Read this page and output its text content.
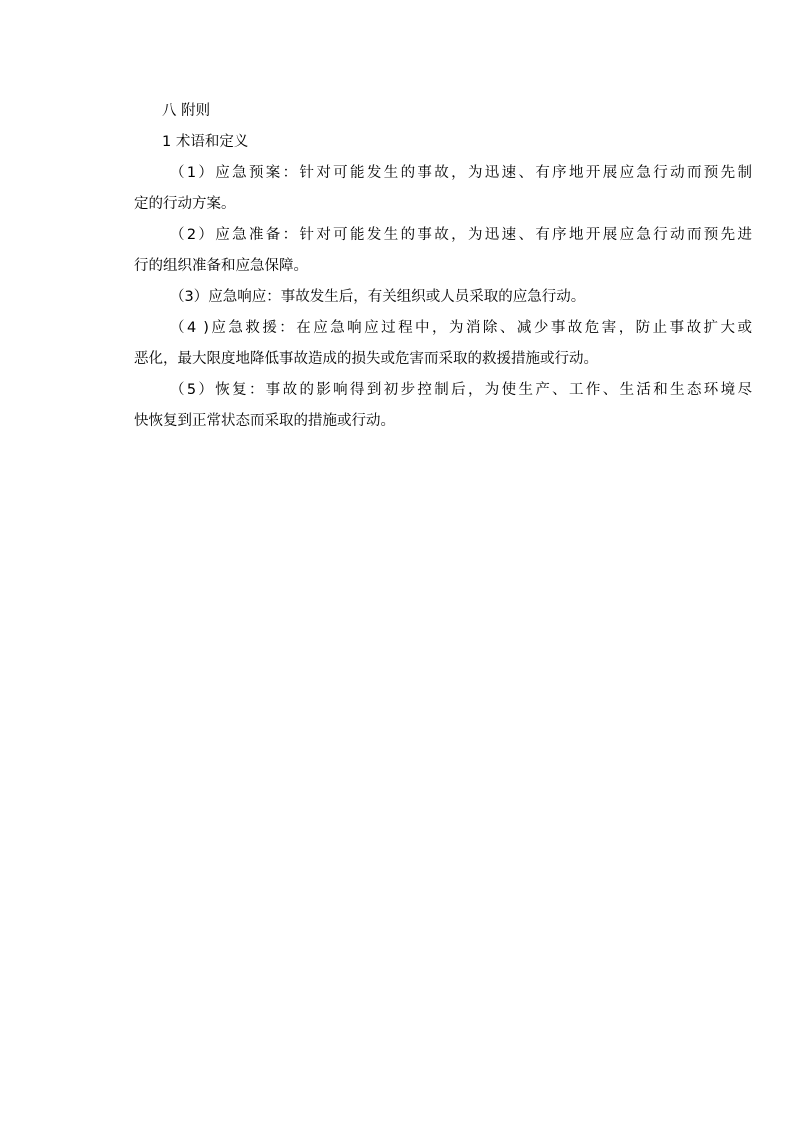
八 附则

1 术语和定义

（1）应急预案：针对可能发生的事故，为迅速、有序地开展应急行动而预先制

定的行动方案。

（2）应急准备：针对可能发生的事故，为迅速、有序地开展应急行动而预先进

行的组织准备和应急保障。

（3）应急响应：事故发生后，有关组织或人员采取的应急行动。

（4 )应急救援：在应急响应过程中，为消除、减少事故危害，防止事故扩大或

恶化，最大限度地降低事故造成的损失或危害而采取的救援措施或行动。

（5）恢复：事故的影响得到初步控制后，为使生产、工作、生活和生态环境尽

快恢复到正常状态而采取的措施或行动。
